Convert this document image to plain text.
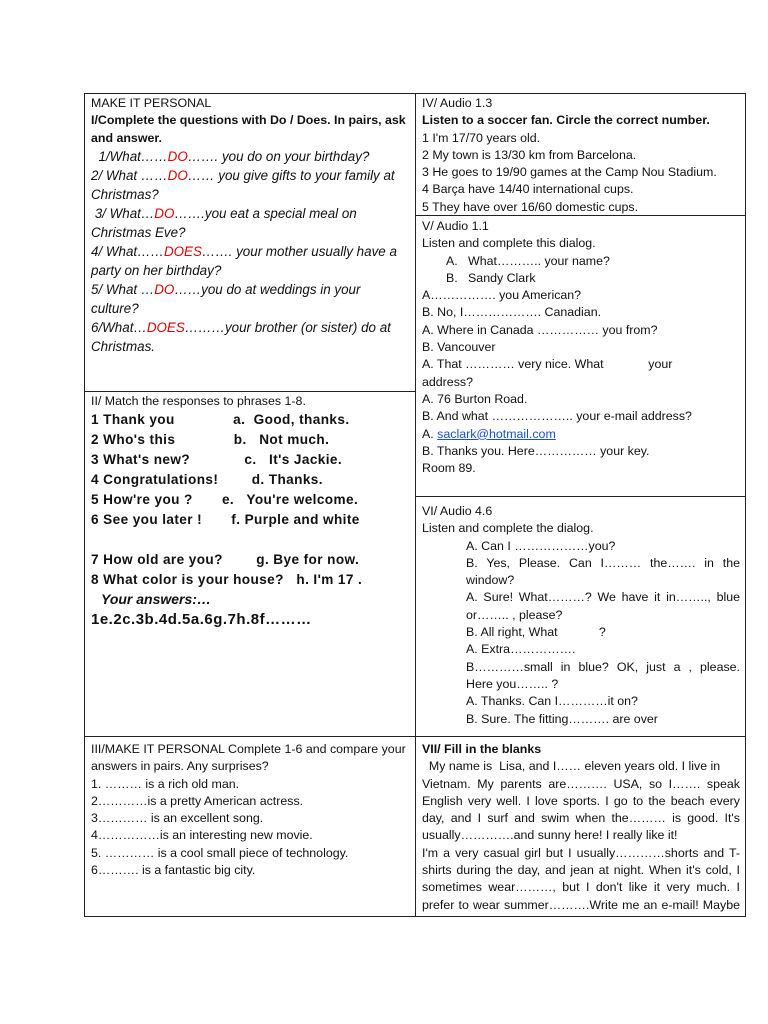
MAKE IT PERSONAL
I/Complete the questions with Do / Does. In pairs, ask and answer.
1/What……DO……. you do on your birthday?
2/ What ……DO…… you give gifts to your family at Christmas?
3/ What…DO…….you eat a special meal on Christmas Eve?
4/ What……DOES……. your mother usually have a party on her birthday?
5/ What …DO……you do at weddings in your culture?
6/What…DOES………your brother (or sister) do at Christmas.
II/ Match the responses to phrases 1-8.
1 Thank you              a.  Good, thanks.
2 Who's this              b.   Not much.
3 What's new?             c.   It's Jackie.
4 Congratulations!        d. Thanks.
5 How're you ?       e.   You're welcome.
6 See you later !       f. Purple and white

7 How old are you?        g. Bye for now.
8 What color is your house?   h. I'm 17 .
Your answers:…
1e.2c.3b.4d.5a.6g.7h.8f………
III/MAKE IT PERSONAL Complete 1-6 and compare your answers in pairs. Any surprises?
1. ……… is a rich old man.
2…………is a pretty American actress.
3………… is an excellent song.
4……………is an interesting new movie.
5. ………… is a cool small piece of technology.
6………. is a fantastic big city.
IV/ Audio 1.3
Listen to a soccer fan. Circle the correct number.
1 I'm 17/70 years old.
2 My town is 13/30 km from Barcelona.
3 He goes to 19/90 games at the Camp Nou Stadium.
4 Barça have 14/40 international cups.
5 They have over 16/60 domestic cups.
V/ Audio 1.1
Listen and complete this dialog.
A.   What……….. your name?
B.   Sandy Clark
A……………. you American?
B. No, I………………. Canadian.
A. Where in Canada …………… you from?
B. Vancouver
A. That ………… very nice. What             your
address?
A. 76 Burton Road.
B. And what ……………….. your e-mail address?
A. saclark@hotmail.com
B. Thanks you. Here…………… your key.
Room 89.
VI/ Audio 4.6
Listen and complete the dialog.
A. Can I ………………you?
B. Yes, Please. Can I……… the……. in the
window?
A. Sure! What………? We have it in…….., blue
or…….. , please?
B. All right, What            ?
A. Extra…………….
B…………small in blue? OK, just a , please.
Here you…….. ?
A. Thanks. Can I…………it on?
B. Sure. The fitting………. are over
VII/ Fill in the blanks
My name is  Lisa, and I…… eleven years old. I live in
Vietnam. My parents are………. USA, so I……. speak
English very well. I love sports. I go to the beach every
day, and I surf and swim when the……… is good. It's
usually………….and sunny here! I really like it!
I'm a very casual girl but I usually…………shorts and T-
shirts during the day, and jean at night. When it's cold, I
sometimes wear………, but I don't like it very much. I
prefer to wear summer……….Write me an e-mail! Maybe
